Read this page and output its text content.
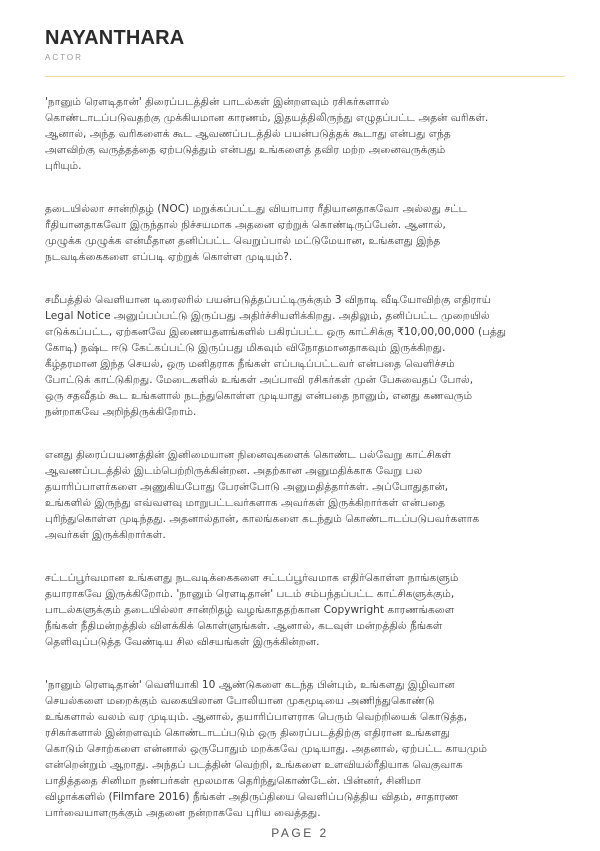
NAYANTHARA
ACTOR
'நானும் ரௌடிதான்' திரைப்படத்தின் பாடல்கள் இன்றளவும் ரசிகர்களால்
கொண்டாடப்படுவதற்கு முக்கியமான காரணம், இதயத்திலிருந்து எழுதப்பட்ட அதன் வரிகள்.
ஆனால், அந்த வரிகளைக் கூட ஆவணப்படத்தில் பயன்படுத்தக் கூடாது என்பது எந்த
அளவிற்கு வருத்தத்தை ஏற்படுத்தும் என்பது உங்களைத் தவிர மற்ற அனைவருக்கும்
புரியும்.
தடையில்லா சான்றிதழ் (NOC) மறுக்கப்பட்டது வியாபார ரீதியானதாகவோ அல்லது சட்ட
ரீதியானதாகவோ இருந்தால் நிச்சயமாக அதனை ஏற்றுக் கொண்டிருப்பேன். ஆனால்,
முழுக்க முழுக்க என்மீதான தனிப்பட்ட வெறுப்பால் மட்டுமேயான, உங்களது இந்த
நடவடிக்கைகளை எப்படி ஏற்றுக் கொள்ள முடியும்?.
சமீபத்தில் வெளியான டிரைலரில் பயன்படுத்தப்பட்டிருக்கும் 3 விநாடி வீடியோவிற்கு எதிராய்
Legal Notice அனுப்பப்பட்டு இருப்பது அதிர்ச்சியளிக்கிறது. அதிலும், தனிப்பட்ட முறையில்
எடுக்கப்பட்ட, ஏற்கனவே இணையதளங்களில் பகிரப்பட்ட ஒரு காட்சிக்கு ₹10,00,00,000 (பத்து
கோடி) நஷ்ட ஈடு கேட்கப்பட்டு இருப்பது மிகவும் விநோதமானதாகவும் இருக்கிறது.
கீழ்தரமான இந்த செயல், ஒரு மனிதராக நீங்கள் எப்படிப்பட்டவர் என்பதை வெளிச்சம்
போட்டுக் காட்டுகிறது. மேடைகளில் உங்கள் அப்பாவி ரசிகர்கள் முன் பேசுவைதப் போல்,
ஒரு சதவீதம் கூட உங்களால் நடந்துகொள்ள முடியாது என்பதை நானும், எனது கணவரும்
நன்றாகவே அறிந்திருக்கிறோம்.
எனது திரைப்பயணத்தின் இனிமையான நினைவுகளைக் கொண்ட பல்வேறு காட்சிகள்
ஆவணப்படத்தில் இடம்பெற்றிருக்கின்றன. அதற்கான அனுமதிக்காக வேறு பல
தயாரிப்பாளர்களை அணுகியபோது பேரன்போடு அனுமதித்தார்கள். அப்போதுதான்,
உங்களில் இருந்து எவ்வளவு மாறுபட்டவர்களாக அவர்கள் இருக்கிறார்கள் என்பதை
புரிந்துகொள்ள முடிந்தது. அதனால்தான், காலங்களை கடந்தும் கொண்டாடப்படுபவர்களாக
அவர்கள் இருக்கிறார்கள்.
சட்டப்பூர்வமான உங்களது நடவடிக்கைகளை சட்டப்பூர்வமாக எதிர்கொள்ள நாங்களும்
தயாராகவே இருக்கிறோம். 'நானும் ரௌடிதான்' படம் சம்பந்தப்பட்ட காட்சிகளுக்கும்,
பாடல்களுக்கும் தடையில்லா சான்றிதழ் வழங்காததற்கான Copywright காரணங்களை
நீங்கள் நீதிமன்றத்தில் விளக்கிக் கொள்ளுங்கள். ஆனால், கடவுள் மன்றத்தில் நீங்கள்
தெளிவுப்படுத்த வேண்டிய சில விசயங்கள் இருக்கின்றன.
'நானும் ரௌடிதான்' வெளியாகி 10 ஆண்டுகளை கடந்த பின்பும், உங்களது இழிவான
செயல்களை மறைக்கும் வகையிலான போலியான முகமூடியை அணிந்துகொண்டு
உங்களால் வலம் வர முடியும். ஆனால், தயாரிப்பாளராக பெரும் வெற்றியைக் கொடுத்த,
ரசிகர்களால் இன்றளவும் கொண்டாடப்படும் ஒரு திரைப்படத்திற்கு எதிரான உங்களது
கொடும் சொற்களை என்னால் ஒருபோதும் மறக்கவே முடியாது. அதனால், ஏற்பட்ட காயமும்
என்றென்றும் ஆறாது. அந்தப் படத்தின் வெற்றி, உங்களை உளவியல்ரீதியாக வெகுவாக
பாதித்ததை சினிமா நண்பர்கள் மூலமாக தெரிந்துகொண்டேன். பின்னர், சினிமா
விழாக்களில் (Filmfare 2016) நீங்கள் அதிருப்தியை வெளிப்படுத்திய விதம், சாதாரண
பார்வையாளருக்கும் அதனை நன்றாகவே புரிய வைத்தது.
PAGE 2
